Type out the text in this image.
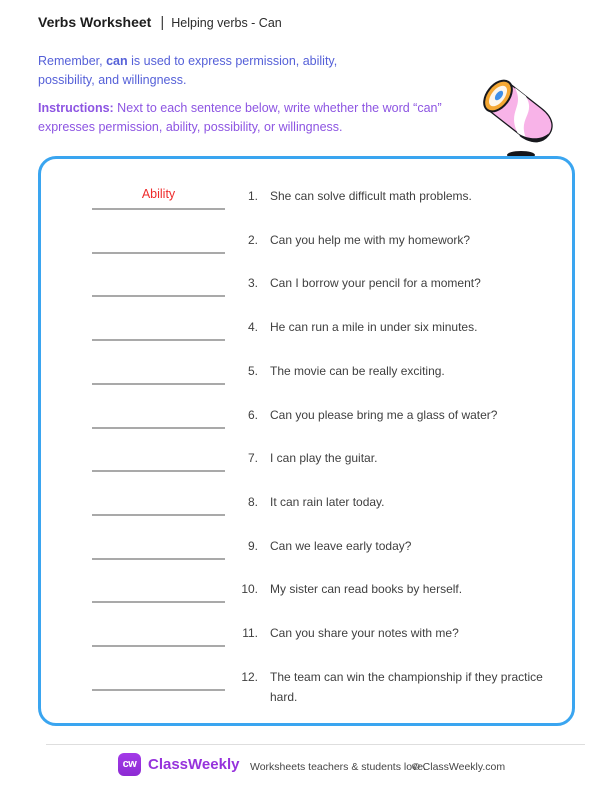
Verbs Worksheet | Helping verbs - Can

Remember, can is used to express permission, ability, possibility, and willingness.

Instructions: Next to each sentence below, write whether the word “can” expresses permission, ability, possibility, or willingness.

Ability	1. She can solve difficult math problems.
2. Can you help me with my homework?
3. Can I borrow your pencil for a moment?
4. He can run a mile in under six minutes.
5. The movie can be really exciting.
6. Can you please bring me a glass of water?
7. I can play the guitar.
8. It can rain later today.
9. Can we leave early today?
10. My sister can read books by herself.
11. Can you share your notes with me?
12. The team can win the championship if they practice hard.
cw ClassWeekly Worksheets teachers & students love.
© ClassWeekly.com
